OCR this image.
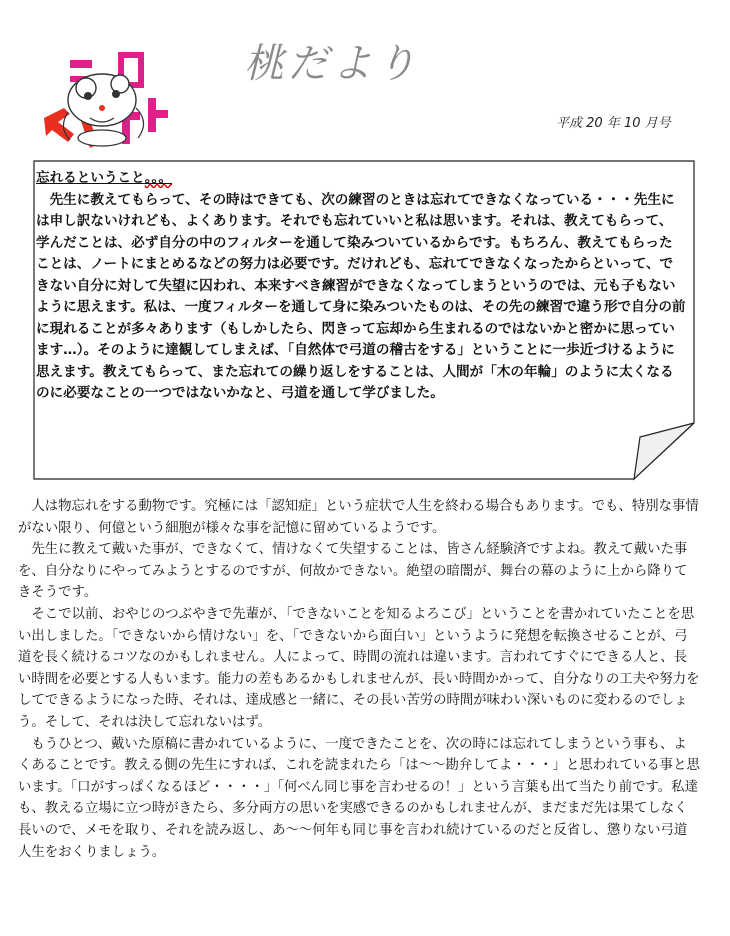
桃だより
平成 20 年 10 月号
忘れるということ。。。

先生に教えてもらって、その時はできても、次の練習のときは忘れてできなくなっている・・・先生には申し訳ないけれども、よくあります。それでも忘れていいと私は思います。それは、教えてもらって、学んだことは、必ず自分の中のフィルターを通して染みついているからです。もちろん、教えてもらったことは、ノートにまとめるなどの努力は必要です。だけれども、忘れてできなくなったからといって、できない自分に対して失望に囚われ、本来すべき練習ができなくなってしまうというのでは、元も子もないように思えます。私は、一度フィルターを通して身に染みついたものは、その先の練習で違う形で自分の前に現れることが多々あります（もしかしたら、閃きって忘却から生まれるのではないかと密かに思っています…）。そのように達観してしまえば、「自然体で弓道の稽古をする」ということに一歩近づけるように思えます。教えてもらって、また忘れての繰り返しをすることは、人間が「木の年輪」のように太くなるのに必要なことの一つではないかなと、弓道を通して学びました。

人は物忘れをする動物です。究極には「認知症」という症状で人生を終わる場合もあります。でも、特別な事情がない限り、何億という細胞が様々な事を記憶に留めているようです。

先生に教えて戴いた事が、できなくて、情けなくて失望することは、皆さん経験済ですよね。教えて戴いた事を、自分なりにやってみようとするのですが、何故かできない。絶望の暗闇が、舞台の幕のように上から降りてきそうです。

そこで以前、おやじのつぶやきで先輩が、「できないことを知るよろこび」ということを書かれていたことを思い出しました。「できないから情けない」を、「できないから面白い」というように発想を転換させることが、弓道を長く続けるコツなのかもしれません。人によって、時間の流れは違います。言われてすぐにできる人と、長い時間を必要とする人もいます。能力の差もあるかもしれませんが、長い時間かかって、自分なりの工夫や努力をしてできるようになった時、それは、達成感と一緒に、その長い苦労の時間が味わい深いものに変わるのでしょう。そして、それは決して忘れないはず。

もうひとつ、戴いた原稿に書かれているように、一度できたことを、次の時には忘れてしまうという事も、よくあることです。教える側の先生にすれば、これを読まれたら「は〜〜勘弁してよ・・・」と思われている事と思います。「口がすっぱくなるほど・・・・」「何べん同じ事を言わせるの！」という言葉も出て当たり前です。私達も、教える立場に立つ時がきたら、多分両方の思いを実感できるのかもしれませんが、まだまだ先は果てしなく長いので、メモを取り、それを読み返し、あ〜〜何年も同じ事を言われ続けているのだと反省し、懲りない弓道人生をおくりましょう。
